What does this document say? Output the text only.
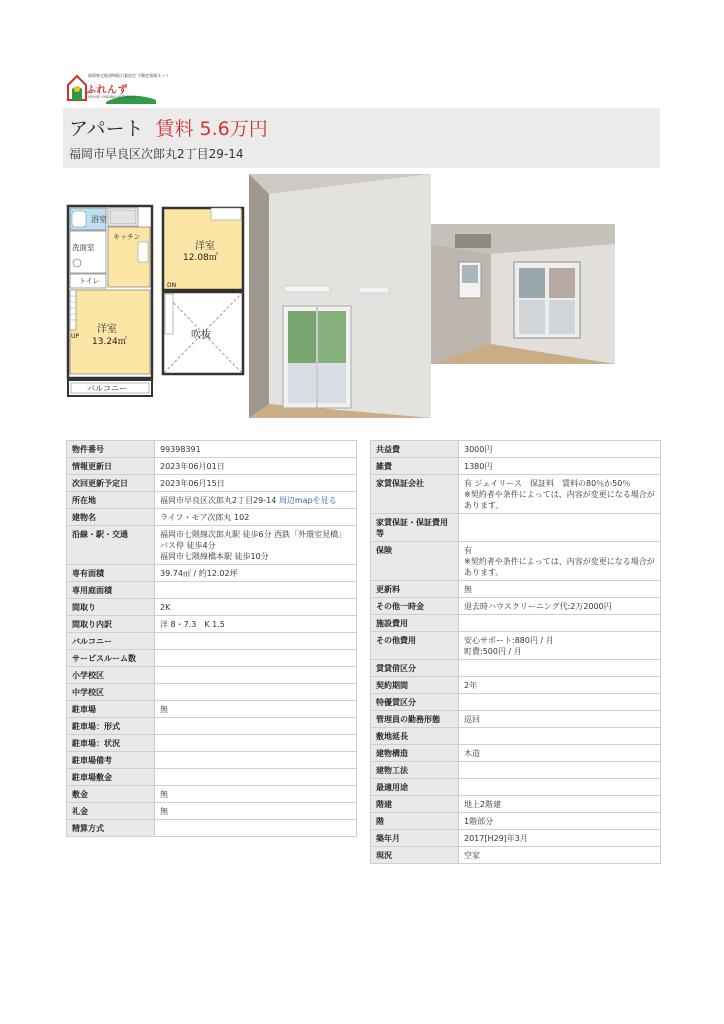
福岡県宅地建物取引業協会 不動産情報ネット
ふれんず
HOUSE FINDING NETWORK
アパート 賃料 5.6万円
福岡市早良区次郎丸2丁目29-14
浴室
洗面室
トイレ
キッチン
UP
洋室
13.24㎡
バルコニー
洋室
12.08㎡
DN
吹抜
物件番号	99398391
情報更新日	2023年06月01日
次回更新予定日	2023年06月15日
所在地	福岡市早良区次郎丸2丁目29-14 周辺mapを見る
建物名	ライフ・モア次郎丸 102
沿線・駅・交通	福岡市七隈線次郎丸駅 徒歩6分 西鉄「外環室見橋」バス停 徒歩4分
福岡市七隈線橋本駅 徒歩10分
専有面積	39.74㎡ / 約12.02坪
専用庭面積	
間取り	2K
間取り内訳	洋 8・7.3　K 1.5
バルコニー	
サービスルーム数	
小学校区	
中学校区	
駐車場	無
駐車場：形式	
駐車場：状況	
駐車場備考	
駐車場敷金	
敷金	無
礼金	無
精算方式	
共益費	3000円
雑費	1380円
家賃保証会社	有 ジェイリース　保証料　賃料の80％か50％
※契約者や条件によっては、内容が変更になる場合があります。
家賃保証・保証費用等	
保険	有
※契約者や条件によっては、内容が変更になる場合があります。
更新料	無
その他一時金	退去時ハウスクリーニング代:2万2000円
施設費用	
その他費用	安心サポート:880円 / 月
町費:500円 / 月
賃貸借区分	
契約期間	2年
特優賃区分	
管理員の勤務形態	巡回
敷地延長	
建物構造	木造
建物工法	
最適用途	
階建	地上2階建
階	1階部分
築年月	2017[H29]年3月
現況	空家
